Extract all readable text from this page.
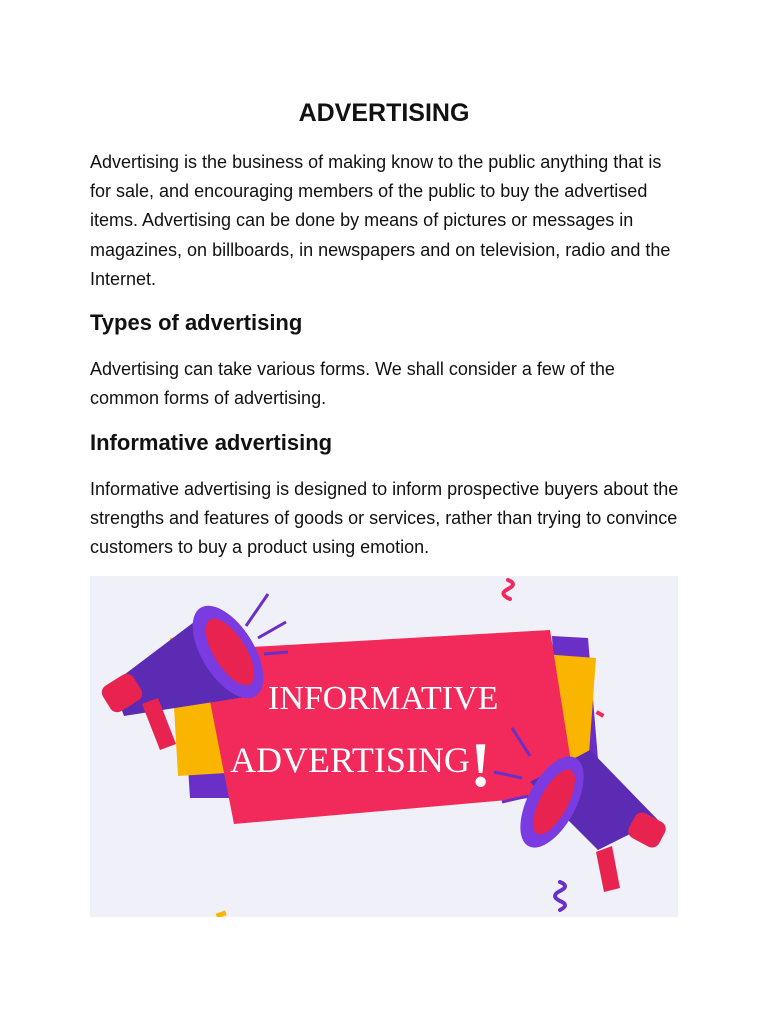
ADVERTISING

Advertising is the business of making know to the public anything that is for sale, and encouraging members of the public to buy the advertised items. Advertising can be done by means of pictures or messages in magazines, on billboards, in newspapers and on television, radio and the Internet.

Types of advertising

Advertising can take various forms. We shall consider a few of the common forms of advertising.

Informative advertising

Informative advertising is designed to inform prospective buyers about the strengths and features of goods or services, rather than trying to convince customers to buy a product using emotion.

INFORMATIVE
ADVERTISING !
